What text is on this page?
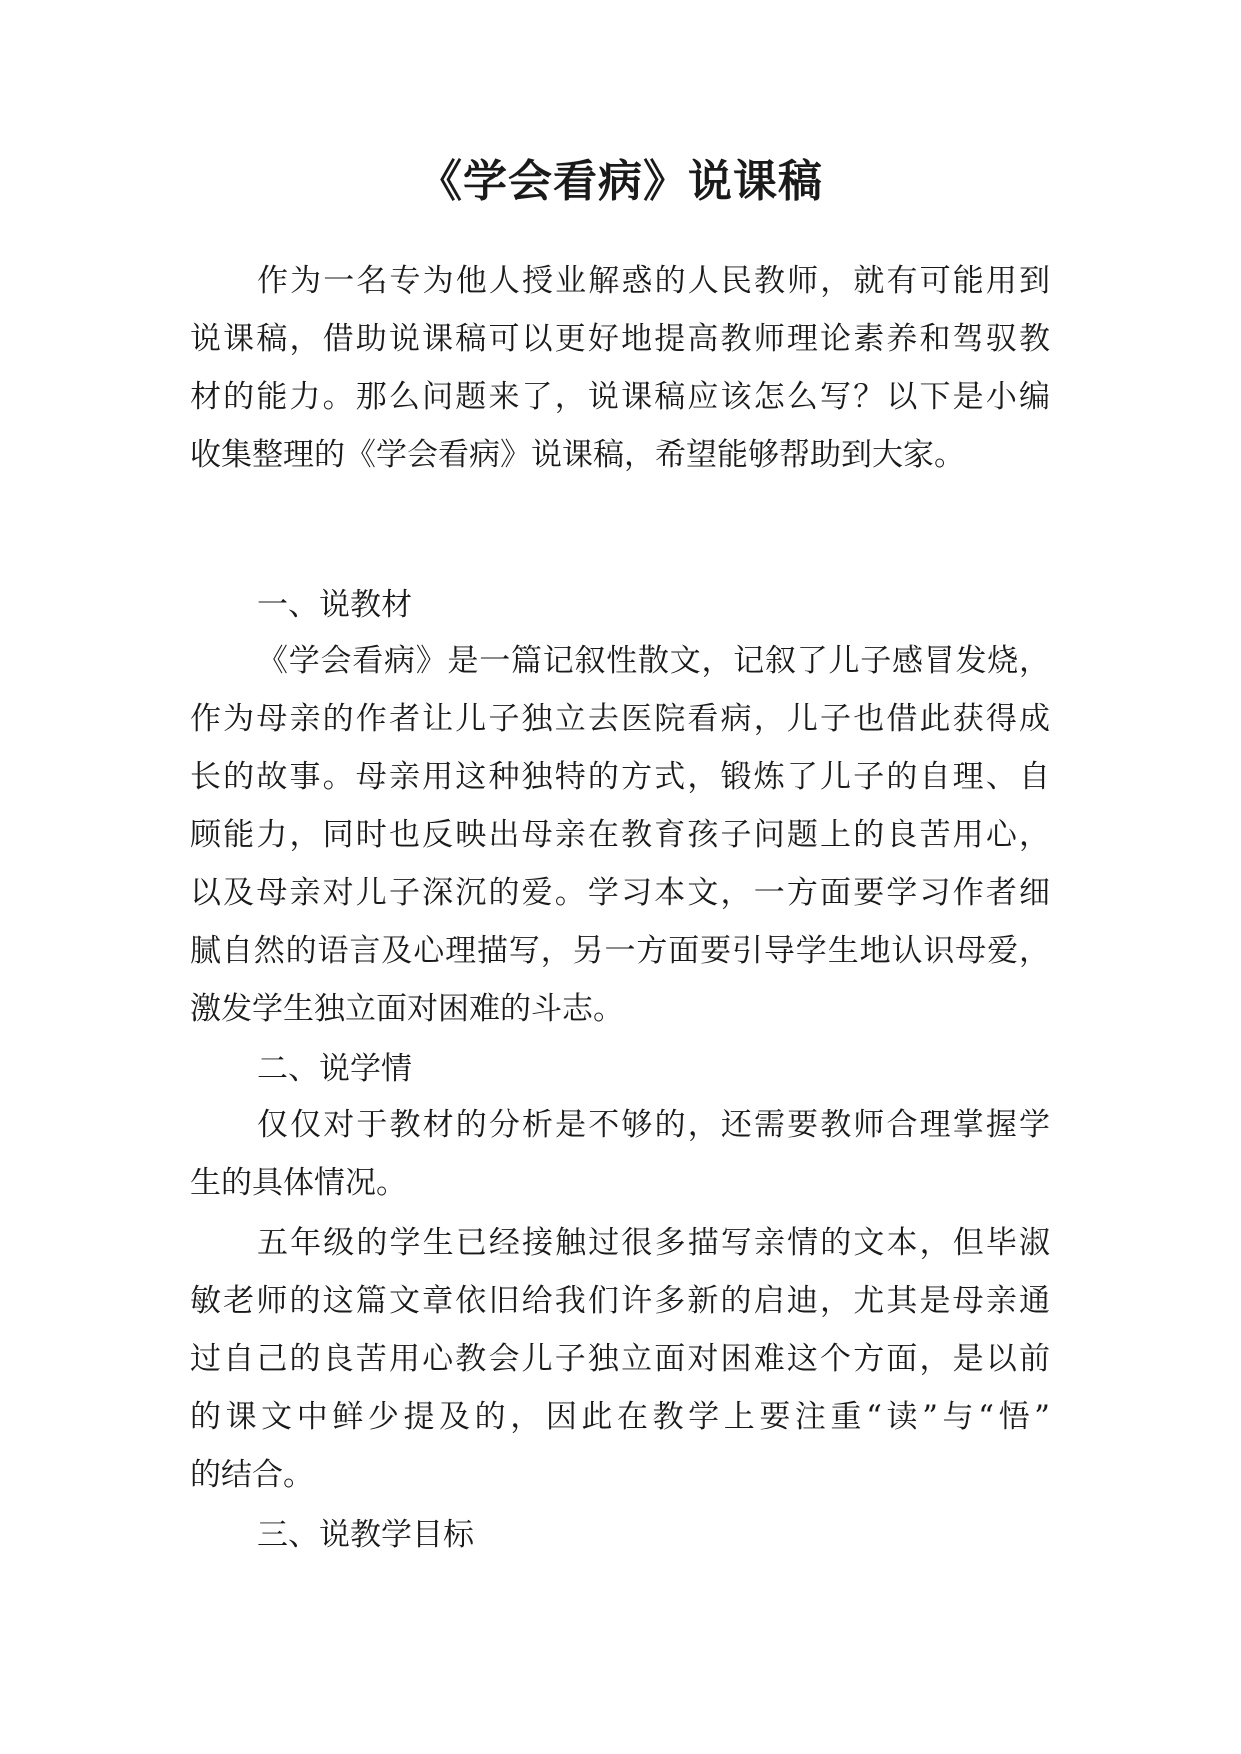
《学会看病》说课稿

作为一名专为他人授业解惑的人民教师，就有可能用到

说课稿，借助说课稿可以更好地提高教师理论素养和驾驭教

材的能力。那么问题来了，说课稿应该怎么写？以下是小编

收集整理的《学会看病》说课稿，希望能够帮助到大家。

一、说教材

《学会看病》是一篇记叙性散文，记叙了儿子感冒发烧，

作为母亲的作者让儿子独立去医院看病，儿子也借此获得成

长的故事。母亲用这种独特的方式，锻炼了儿子的自理、自

顾能力，同时也反映出母亲在教育孩子问题上的良苦用心，

以及母亲对儿子深沉的爱。学习本文，一方面要学习作者细

腻自然的语言及心理描写，另一方面要引导学生地认识母爱，

激发学生独立面对困难的斗志。

二、说学情

仅仅对于教材的分析是不够的，还需要教师合理掌握学

生的具体情况。

五年级的学生已经接触过很多描写亲情的文本，但毕淑

敏老师的这篇文章依旧给我们许多新的启迪，尤其是母亲通

过自己的良苦用心教会儿子独立面对困难这个方面，是以前

的课文中鲜少提及的，因此在教学上要注重“读”与“悟”

的结合。

三、说教学目标
